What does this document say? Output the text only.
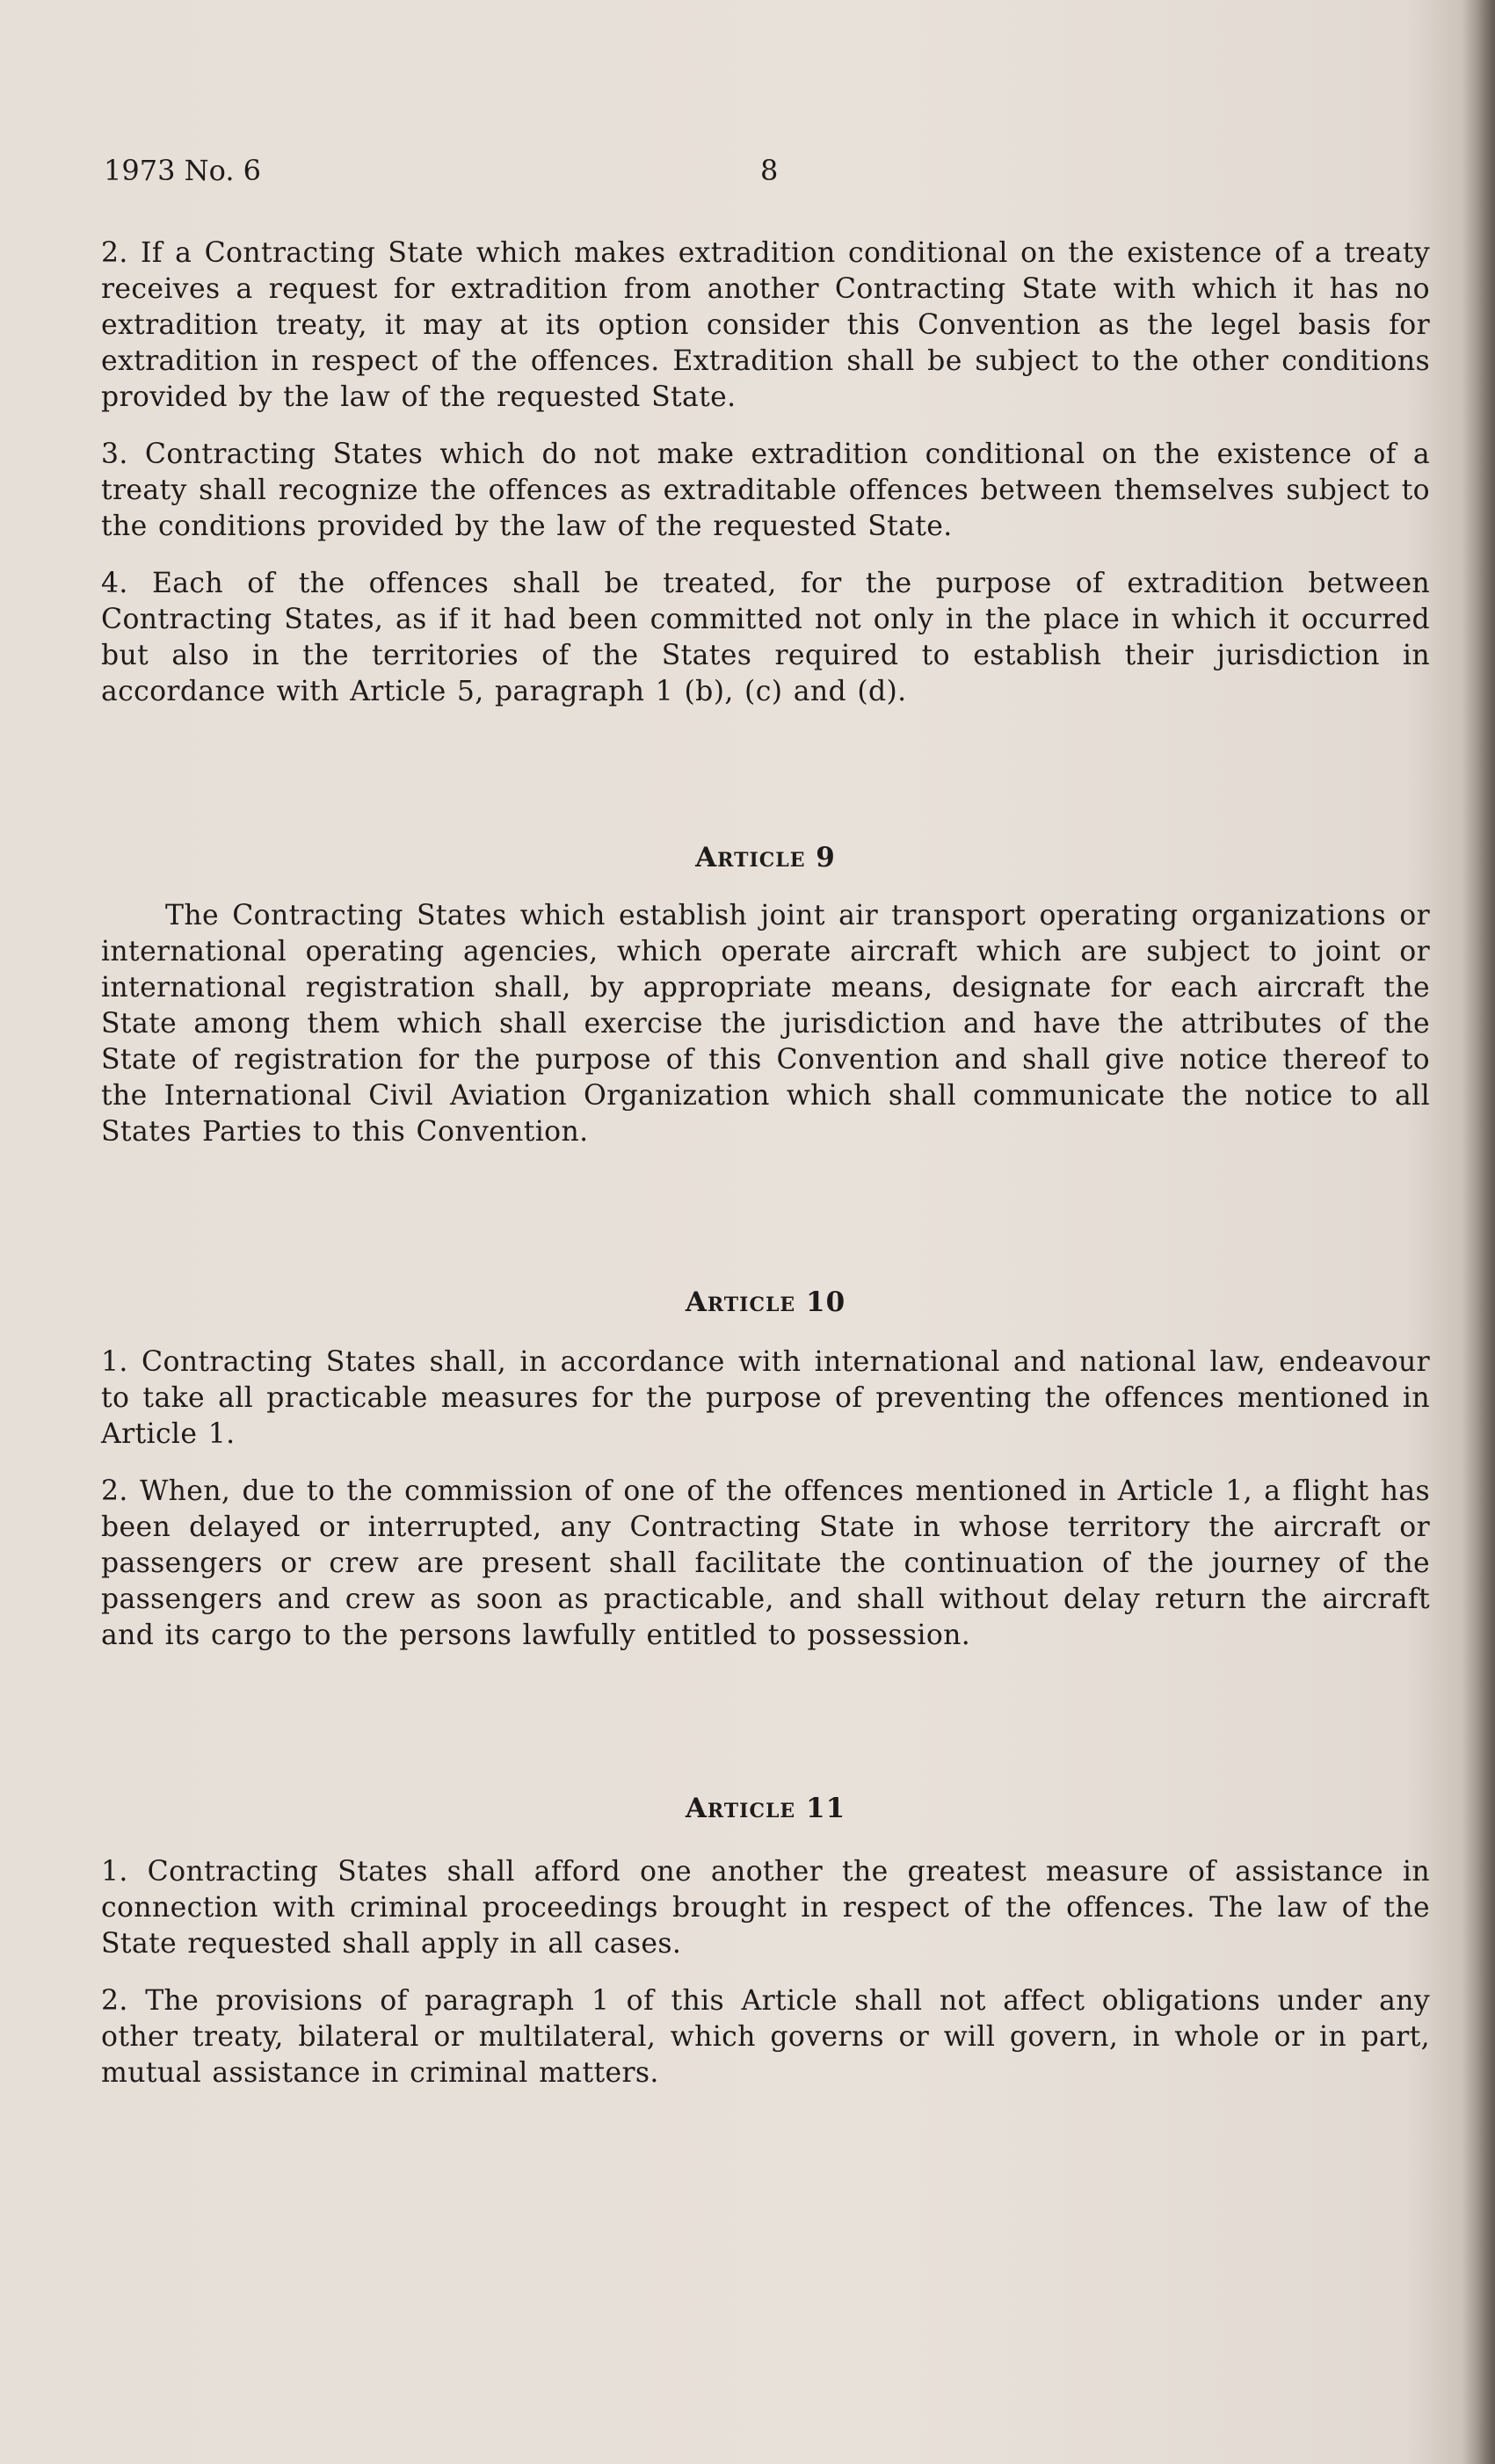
1973 No. 6	8

2. If a Contracting State which makes extradition conditional on the existence of a treaty receives a request for extradition from another Contracting State with which it has no extradition treaty, it may at its option consider this Convention as the legel basis for extradition in respect of the offences. Extradition shall be subject to the other conditions provided by the law of the requested State.

3. Contracting States which do not make extradition conditional on the existence of a treaty shall recognize the offences as extraditable offences between themselves subject to the conditions provided by the law of the requested State.

4. Each of the offences shall be treated, for the purpose of extradition between Contracting States, as if it had been committed not only in the place in which it occurred but also in the territories of the States required to establish their jurisdiction in accordance with Article 5, paragraph 1 (b), (c) and (d).

Article 9

The Contracting States which establish joint air transport operating organizations or international operating agencies, which operate aircraft which are subject to joint or international registration shall, by appropriate means, designate for each aircraft the State among them which shall exercise the jurisdiction and have the attributes of the State of registration for the purpose of this Convention and shall give notice thereof to the International Civil Aviation Organization which shall communicate the notice to all States Parties to this Convention.

Article 10

1. Contracting States shall, in accordance with international and national law, endeavour to take all practicable measures for the purpose of preventing the offences mentioned in Article 1.

2. When, due to the commission of one of the offences mentioned in Article 1, a flight has been delayed or interrupted, any Contracting State in whose territory the aircraft or passengers or crew are present shall facilitate the continuation of the journey of the passengers and crew as soon as practicable, and shall without delay return the aircraft and its cargo to the persons lawfully entitled to possession.

Article 11

1. Contracting States shall afford one another the greatest measure of assistance in connection with criminal proceedings brought in respect of the offences. The law of the State requested shall apply in all cases.

2. The provisions of paragraph 1 of this Article shall not affect obligations under any other treaty, bilateral or multilateral, which governs or will govern, in whole or in part, mutual assistance in criminal matters.
